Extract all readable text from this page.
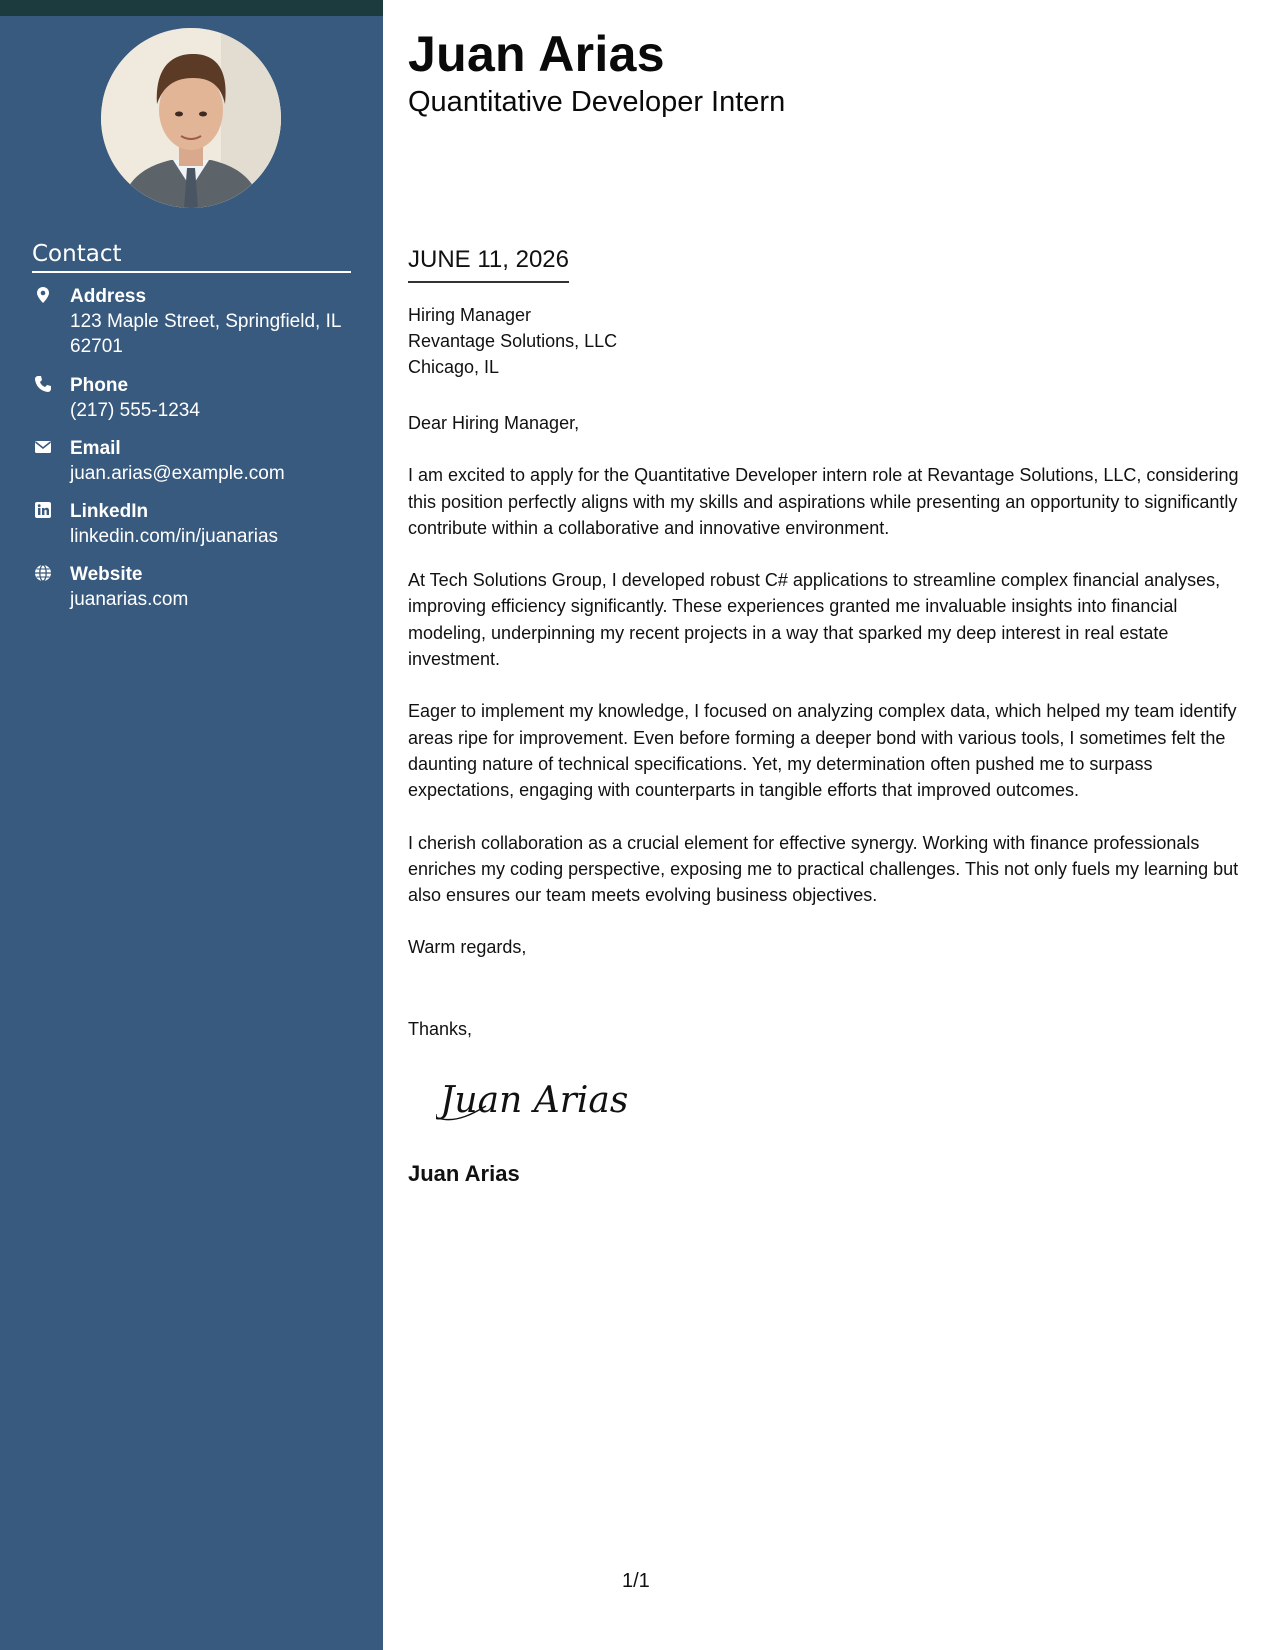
Contact
Address
123 Maple Street, Springfield, IL 62701
Phone
(217) 555-1234
Email
juan.arias@example.com
LinkedIn
linkedin.com/in/juanarias
Website
juanarias.com
Juan Arias
Quantitative Developer Intern
JUNE 11, 2026
Hiring Manager
Revantage Solutions, LLC
Chicago, IL

Dear Hiring Manager,

I am excited to apply for the Quantitative Developer intern role at Revantage Solutions, LLC, considering this position perfectly aligns with my skills and aspirations while presenting an opportunity to significantly contribute within a collaborative and innovative environment.

At Tech Solutions Group, I developed robust C# applications to streamline complex financial analyses, improving efficiency significantly. These experiences granted me invaluable insights into financial modeling, underpinning my recent projects in a way that sparked my deep interest in real estate investment.

Eager to implement my knowledge, I focused on analyzing complex data, which helped my team identify areas ripe for improvement. Even before forming a deeper bond with various tools, I sometimes felt the daunting nature of technical specifications. Yet, my determination often pushed me to surpass expectations, engaging with counterparts in tangible efforts that improved outcomes.

I cherish collaboration as a crucial element for effective synergy. Working with finance professionals enriches my coding perspective, exposing me to practical challenges. This not only fuels my learning but also ensures our team meets evolving business objectives.

Warm regards,

Thanks,
Juan Arias
Juan Arias
1/1
